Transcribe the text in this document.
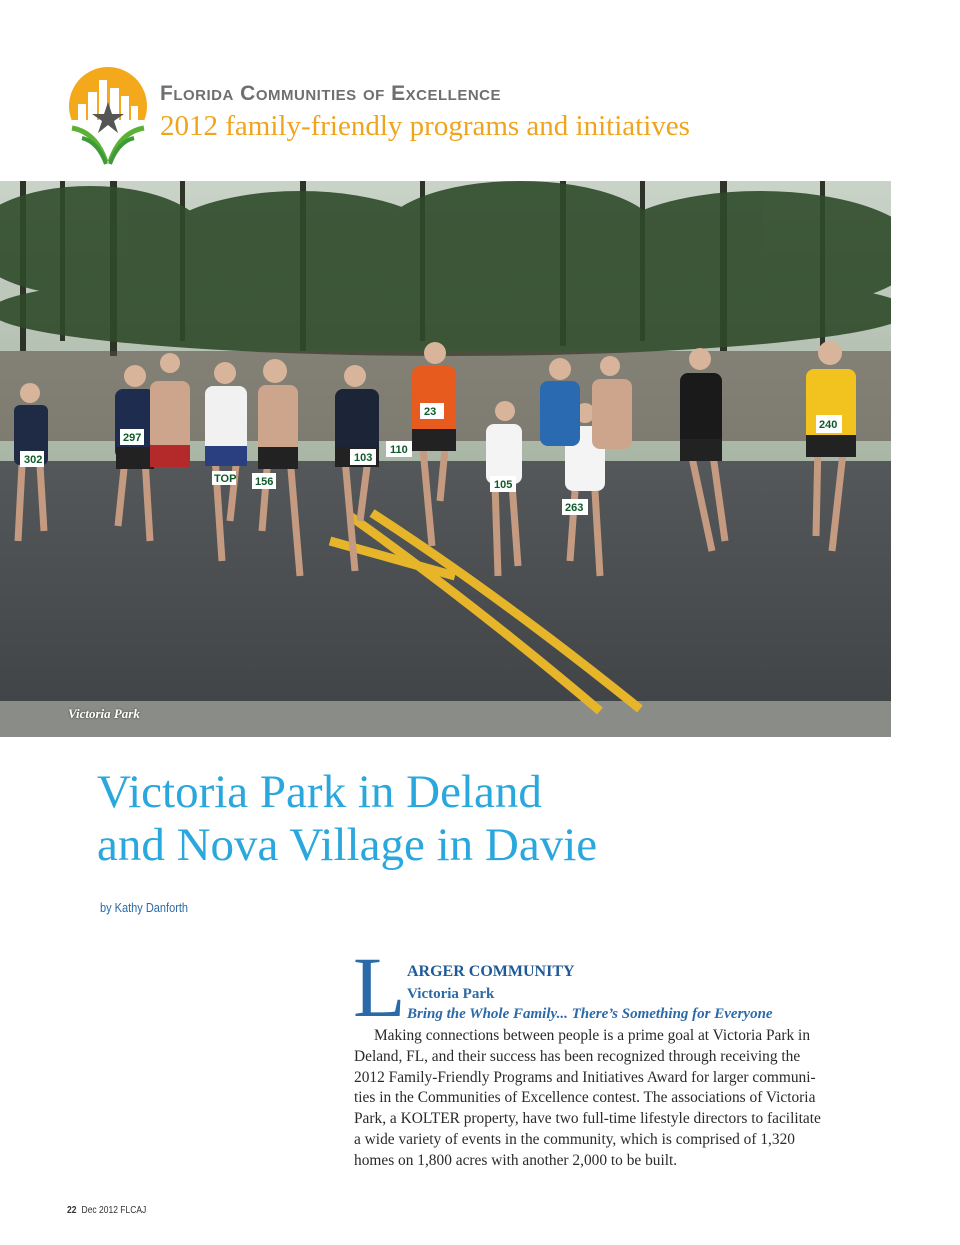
Florida Communities of Excellence
2012 family-friendly programs and initiatives
302
297
TOP 156
103
110
23
105
263
240
Victoria Park
Victoria Park in Deland
and Nova Village in Davie
by Kathy Danforth
L ARGER COMMUNITY
Victoria Park
Bring the Whole Family... There’s Something for Everyone
Making connections between people is a prime goal at Victoria Park in
Deland, FL, and their success has been recognized through receiving the
2012 Family-Friendly Programs and Initiatives Award for larger communi-
ties in the Communities of Excellence contest. The associations of Victoria
Park, a KOLTER property, have two full-time lifestyle directors to facilitate
a wide variety of events in the community, which is comprised of 1,320
homes on 1,800 acres with another 2,000 to be built.
22 Dec 2012 FLCAJ
